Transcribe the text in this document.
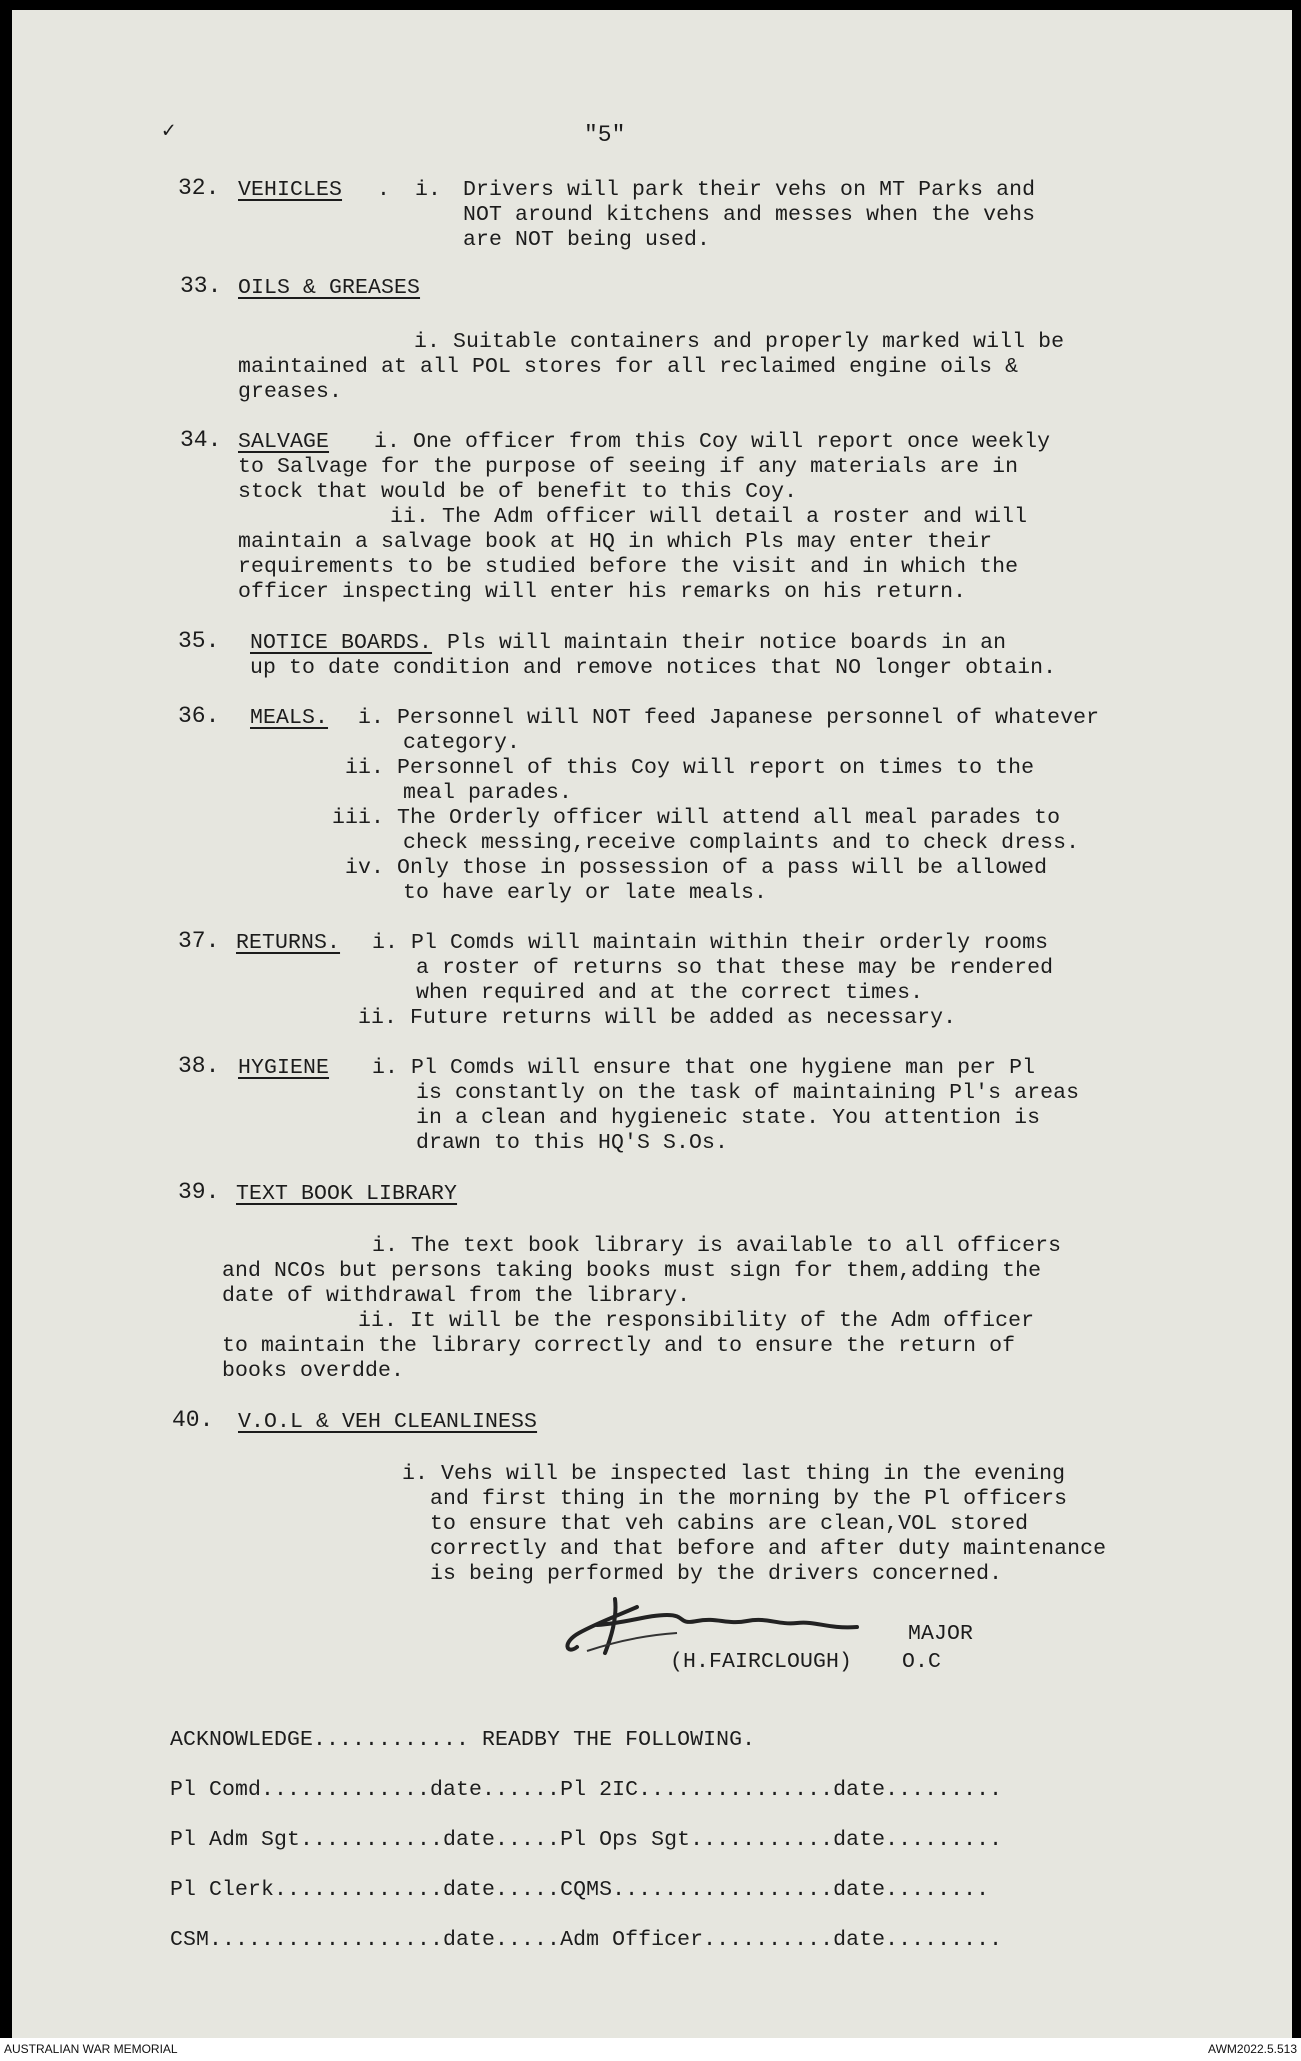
✓	"5"
32. VEHICLES . i. Drivers will park their vehs on MT Parks and
NOT around kitchens and messes when the vehs
are NOT being used.
33. OILS & GREASES
i. Suitable containers and properly marked will be
maintained at all POL stores for all reclaimed engine oils &
greases.
34. SALVAGE i. One officer from this Coy will report once weekly
to Salvage for the purpose of seeing if any materials are in
stock that would be of benefit to this Coy.
ii. The Adm officer will detail a roster and will
maintain a salvage book at HQ in which Pls may enter their
requirements to be studied before the visit and in which the
officer inspecting will enter his remarks on his return.
35. NOTICE BOARDS. Pls will maintain their notice boards in an
up to date condition and remove notices that NO longer obtain.
36. MEALS. i. Personnel will NOT feed Japanese personnel of whatever
category.
ii. Personnel of this Coy will report on times to the
meal parades.
iii. The Orderly officer will attend all meal parades to
check messing,receive complaints and to check dress.
iv. Only those in possession of a pass will be allowed
to have early or late meals.
37. RETURNS. i. Pl Comds will maintain within their orderly rooms
a roster of returns so that these may be rendered
when required and at the correct times.
ii. Future returns will be added as necessary.
38. HYGIENE i. Pl Comds will ensure that one hygiene man per Pl
is constantly on the task of maintaining Pl's areas
in a clean and hygieneic state. You attention is
drawn to this HQ'S S.Os.
39. TEXT BOOK LIBRARY
i. The text book library is available to all officers
and NCOs but persons taking books must sign for them,adding the
date of withdrawal from the library.
ii. It will be the responsibility of the Adm officer
to maintain the library correctly and to ensure the return of
books overdde.
40. V.O.L & VEH CLEANLINESS
i. Vehs will be inspected last thing in the evening
and first thing in the morning by the Pl officers
to ensure that veh cabins are clean,VOL stored
correctly and that before and after duty maintenance
is being performed by the drivers concerned.
MAJOR
(H.FAIRCLOUGH) O.C
ACKNOWLEDGE............ READBY THE FOLLOWING.
Pl Comd.............date......Pl 2IC...............date.........
Pl Adm Sgt...........date.....Pl Ops Sgt...........date.........
Pl Clerk.............date.....CQMS.................date........
CSM..................date.....Adm Officer..........date.........
AUSTRALIAN WAR MEMORIAL	AWM2022.5.513
